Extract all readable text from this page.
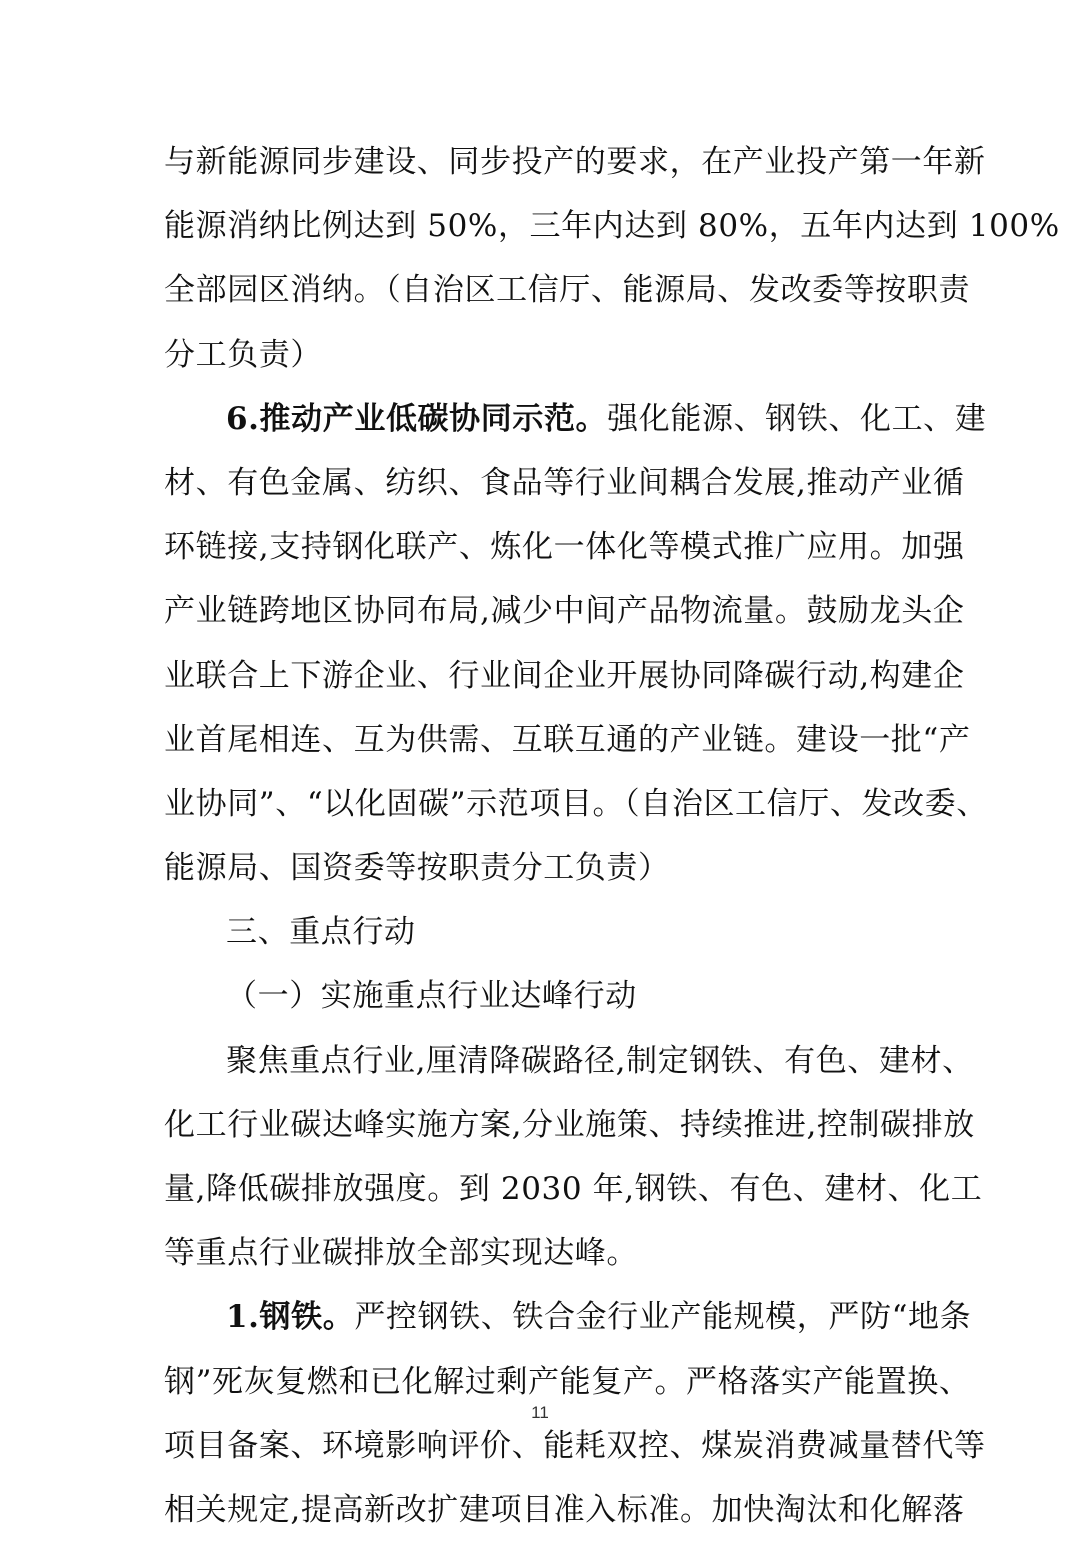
与新能源同步建设、同步投产的要求，在产业投产第一年新
能源消纳比例达到 50%，三年内达到 80%，五年内达到 100%
全部园区消纳。（自治区工信厅、能源局、发改委等按职责
分工负责）
6.推动产业低碳协同示范。强化能源、钢铁、化工、建
材、有色金属、纺织、食品等行业间耦合发展,推动产业循
环链接,支持钢化联产、炼化一体化等模式推广应用。加强
产业链跨地区协同布局,减少中间产品物流量。鼓励龙头企
业联合上下游企业、行业间企业开展协同降碳行动,构建企
业首尾相连、互为供需、互联互通的产业链。建设一批“产
业协同”、“以化固碳”示范项目。（自治区工信厅、发改委、
能源局、国资委等按职责分工负责）
三、重点行动
（一）实施重点行业达峰行动
聚焦重点行业,厘清降碳路径,制定钢铁、有色、建材、
化工行业碳达峰实施方案,分业施策、持续推进,控制碳排放
量,降低碳排放强度。到 2030 年,钢铁、有色、建材、化工
等重点行业碳排放全部实现达峰。
1.钢铁。严控钢铁、铁合金行业产能规模，严防“地条
钢”死灰复燃和已化解过剩产能复产。严格落实产能置换、
项目备案、环境影响评价、能耗双控、煤炭消费减量替代等
相关规定,提高新改扩建项目准入标准。加快淘汰和化解落
11
